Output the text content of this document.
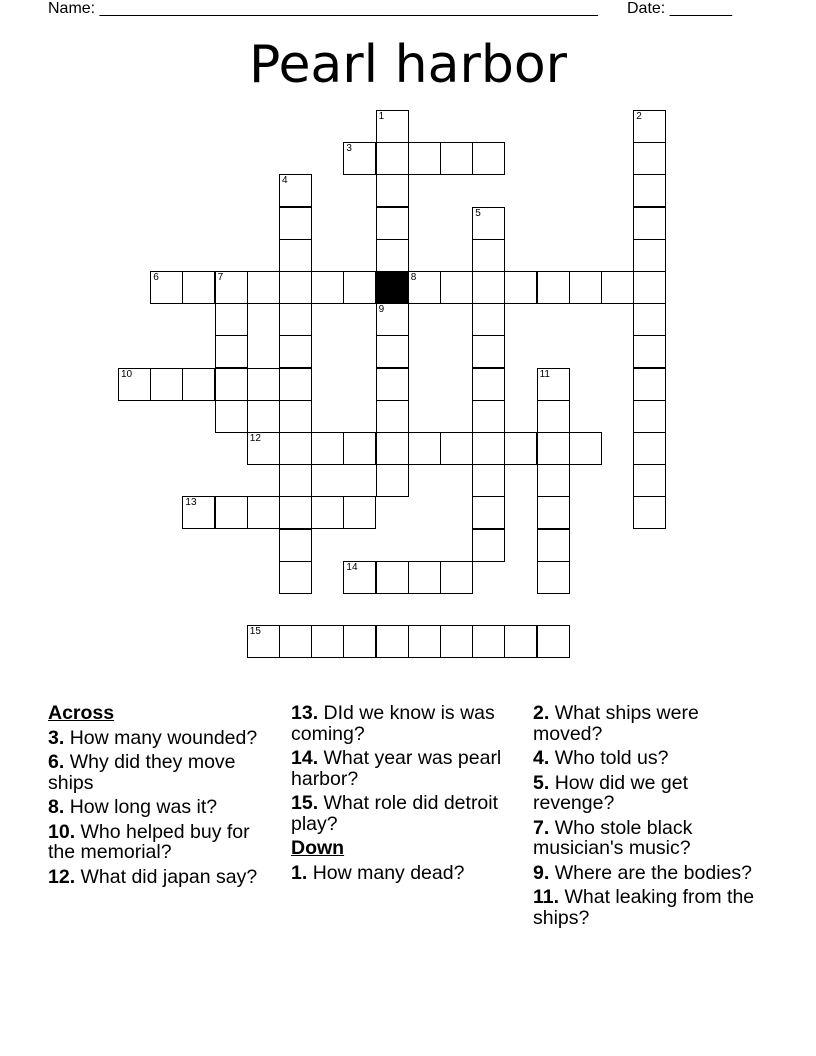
Name: ________________________________________________________ Date: _______
Pearl harbor
1
9
2
3
4
5
6	7	8
10	11
12
13
14
15
Across
3. How many wounded?
6. Why did they move ships
8. How long was it?
10. Who helped buy for the memorial?
12. What did japan say?
13. DId we know is was coming?
14. What year was pearl harbor?
15. What role did detroit play?
Down
1. How many dead?
2. What ships were moved?
4. Who told us?
5. How did we get revenge?
7. Who stole black musician's music?
9. Where are the bodies?
11. What leaking from the ships?
